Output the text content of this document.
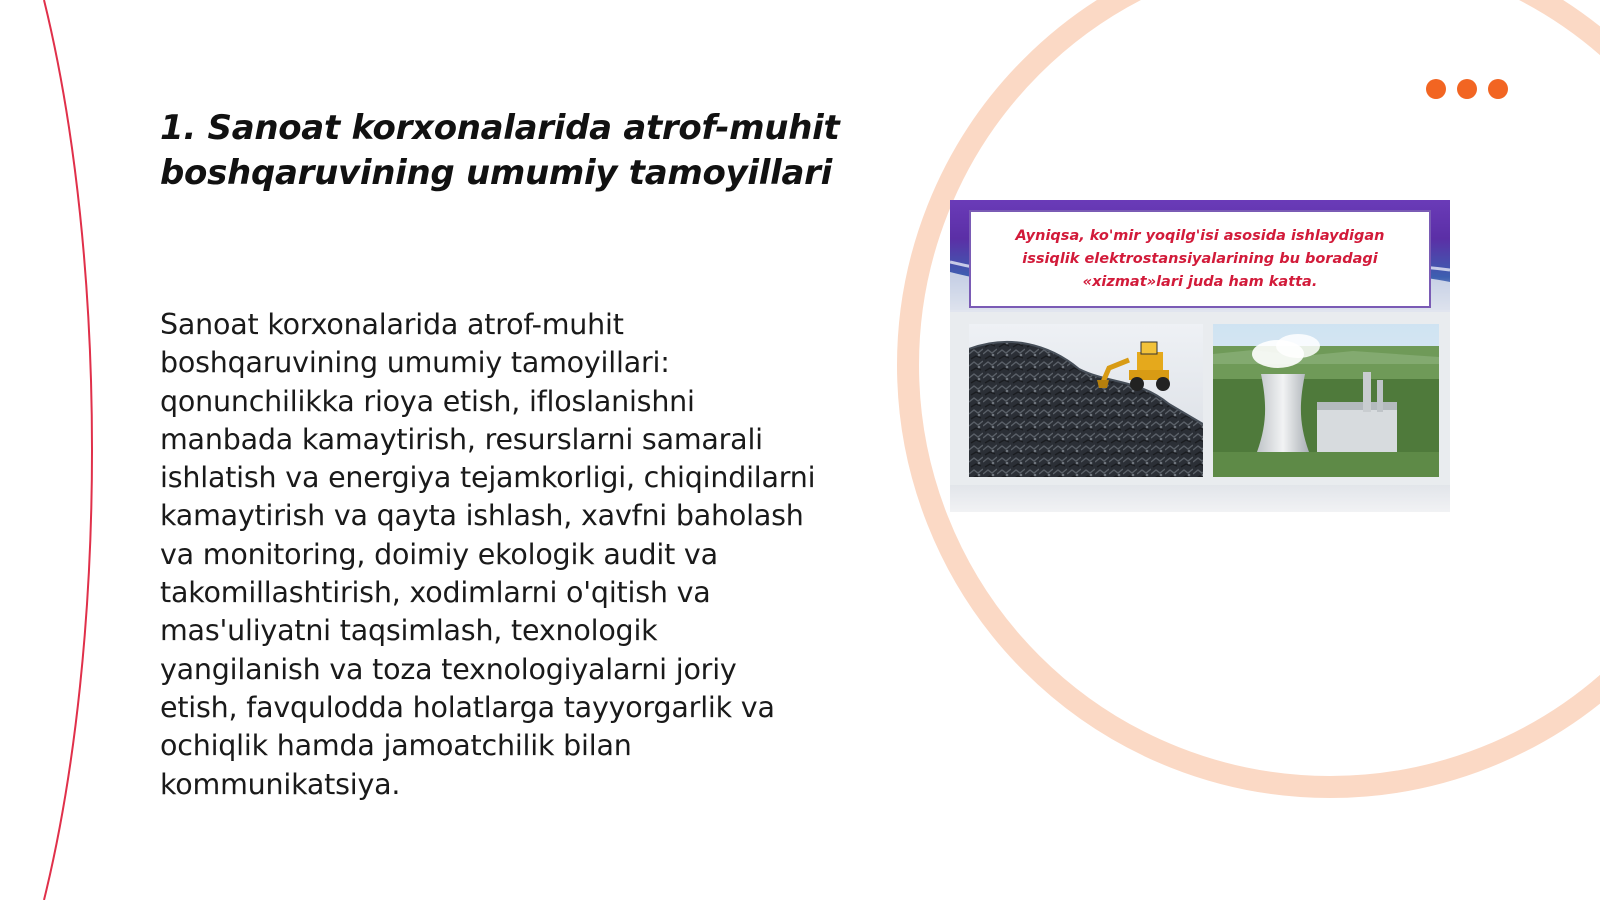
1. Sanoat korxonalarida atrof-muhit boshqaruvining umumiy tamoyillari

Sanoat korxonalarida atrof-muhit boshqaruvining umumiy tamoyillari: qonunchilikka rioya etish, ifloslanishni manbada kamaytirish, resurslarni samarali ishlatish va energiya tejamkorligi, chiqindilarni kamaytirish va qayta ishlash, xavfni baholash va monitoring, doimiy ekologik audit va takomillashtirish, xodimlarni o'qitish va mas'uliyatni taqsimlash, texnologik yangilanish va toza texnologiyalarni joriy etish, favqulodda holatlarga tayyorgarlik va ochiqlik hamda jamoatchilik bilan kommunikatsiya.

Ayniqsa, ko'mir yoqilg'isi asosida ishlaydigan issiqlik elektrostansiyalarining bu boradagi «xizmat»lari juda ham katta.
